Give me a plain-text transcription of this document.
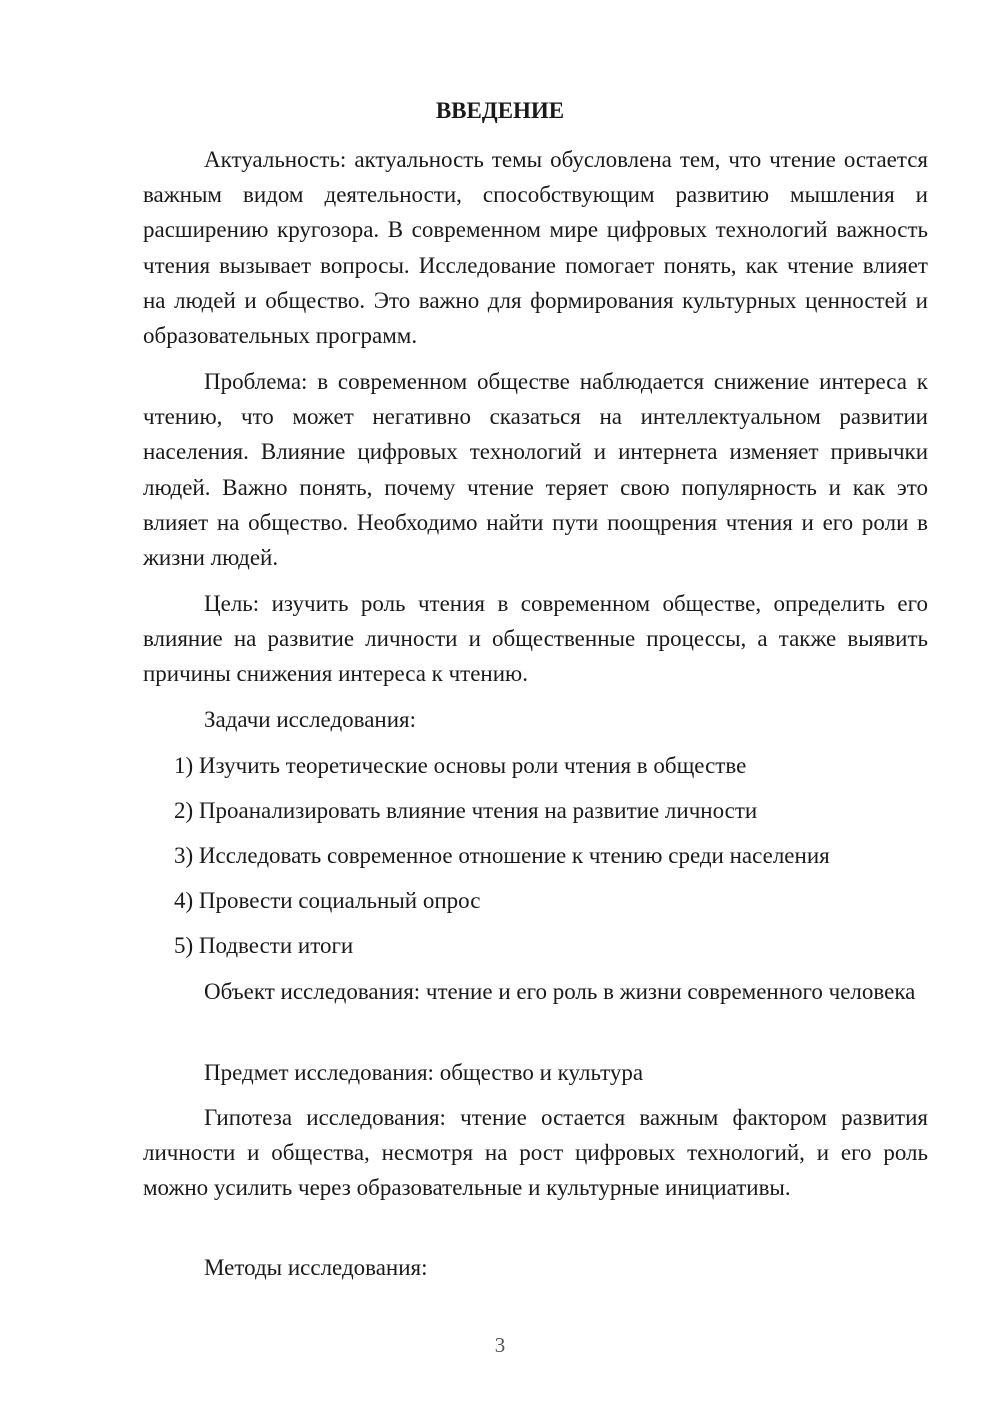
ВВЕДЕНИЕ

Актуальность: актуальность темы обусловлена тем, что чтение остается важным видом деятельности, способствующим развитию мышления и расширению кругозора. В современном мире цифровых технологий важность чтения вызывает вопросы. Исследование помогает понять, как чтение влияет на людей и общество. Это важно для формирования культурных ценностей и образовательных программ.

Проблема: в современном обществе наблюдается снижение интереса к чтению, что может негативно сказаться на интеллектуальном развитии населения. Влияние цифровых технологий и интернета изменяет привычки людей. Важно понять, почему чтение теряет свою популярность и как это влияет на общество. Необходимо найти пути поощрения чтения и его роли в жизни людей.

Цель: изучить роль чтения в современном обществе, определить его влияние на развитие личности и общественные процессы, а также выявить причины снижения интереса к чтению.

Задачи исследования:

1) Изучить теоретические основы роли чтения в обществе

2) Проанализировать влияние чтения на развитие личности

3) Исследовать современное отношение к чтению среди населения

4) Провести социальный опрос

5) Подвести итоги

Объект исследования: чтение и его роль в жизни современного человека

Предмет исследования: общество и культура

Гипотеза исследования: чтение остается важным фактором развития личности и общества, несмотря на рост цифровых технологий, и его роль можно усилить через образовательные и культурные инициативы.

Методы исследования:

3
